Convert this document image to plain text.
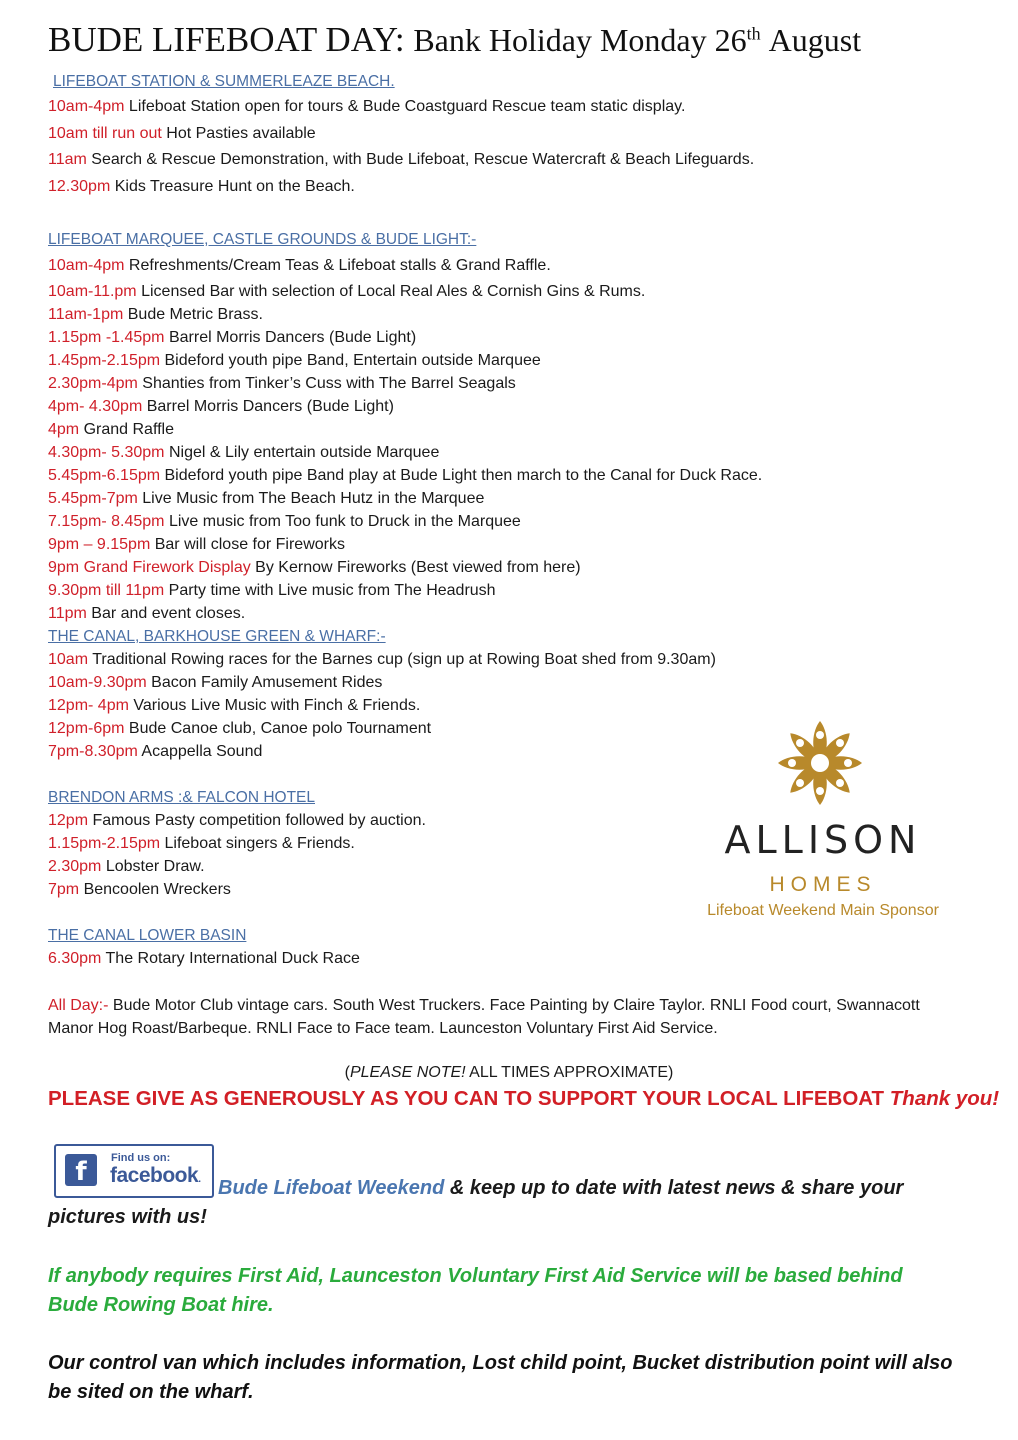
BUDE LIFEBOAT DAY: Bank Holiday Monday 26th August
LIFEBOAT STATION & SUMMERLEAZE BEACH.
10am-4pm Lifeboat Station open for tours & Bude Coastguard Rescue team static display.
10am till run out Hot Pasties available
11am Search & Rescue Demonstration, with Bude Lifeboat, Rescue Watercraft & Beach Lifeguards.
12.30pm Kids Treasure Hunt on the Beach.
LIFEBOAT MARQUEE, CASTLE GROUNDS & BUDE LIGHT:-
10am-4pm Refreshments/Cream Teas & Lifeboat stalls & Grand Raffle.
10am-11.pm Licensed Bar with selection of Local Real Ales & Cornish Gins & Rums.
11am-1pm Bude Metric Brass.
1.15pm -1.45pm Barrel Morris Dancers (Bude Light)
1.45pm-2.15pm Bideford youth pipe Band, Entertain outside Marquee
2.30pm-4pm Shanties from Tinker’s Cuss with The Barrel Seagals
4pm- 4.30pm Barrel Morris Dancers (Bude Light)
4pm Grand Raffle
4.30pm- 5.30pm Nigel & Lily entertain outside Marquee
5.45pm-6.15pm Bideford youth pipe Band play at Bude Light then march to the Canal for Duck Race.
5.45pm-7pm Live Music from The Beach Hutz in the Marquee
7.15pm- 8.45pm Live music from Too funk to Druck in the Marquee
9pm – 9.15pm Bar will close for Fireworks
9pm Grand Firework Display By Kernow Fireworks (Best viewed from here)
9.30pm till 11pm Party time with Live music from The Headrush
11pm Bar and event closes.
THE CANAL, BARKHOUSE GREEN & WHARF:-
10am Traditional Rowing races for the Barnes cup (sign up at Rowing Boat shed from 9.30am)
10am-9.30pm Bacon Family Amusement Rides
12pm- 4pm Various Live Music with Finch & Friends.
12pm-6pm Bude Canoe club, Canoe polo Tournament
7pm-8.30pm Acappella Sound
BRENDON ARMS :& FALCON HOTEL
12pm Famous Pasty competition followed by auction.
1.15pm-2.15pm Lifeboat singers & Friends.
2.30pm Lobster Draw.
7pm Bencoolen Wreckers
THE CANAL LOWER BASIN
6.30pm The Rotary International Duck Race
ALLISON
HOMES
Lifeboat Weekend Main Sponsor
All Day:- Bude Motor Club vintage cars. South West Truckers. Face Painting by Claire Taylor. RNLI Food court, Swannacott Manor Hog Roast/Barbeque. RNLI Face to Face team. Launceston Voluntary First Aid Service.
(PLEASE NOTE! ALL TIMES APPROXIMATE)
PLEASE GIVE AS GENEROUSLY AS YOU CAN TO SUPPORT YOUR LOCAL LIFEBOAT Thank you!
f	Find us on:
facebook. Bude Lifeboat Weekend & keep up to date with latest news & share your pictures with us!
If anybody requires First Aid, Launceston Voluntary First Aid Service will be based behind Bude Rowing Boat hire.
Our control van which includes information, Lost child point, Bucket distribution point will also be sited on the wharf.
